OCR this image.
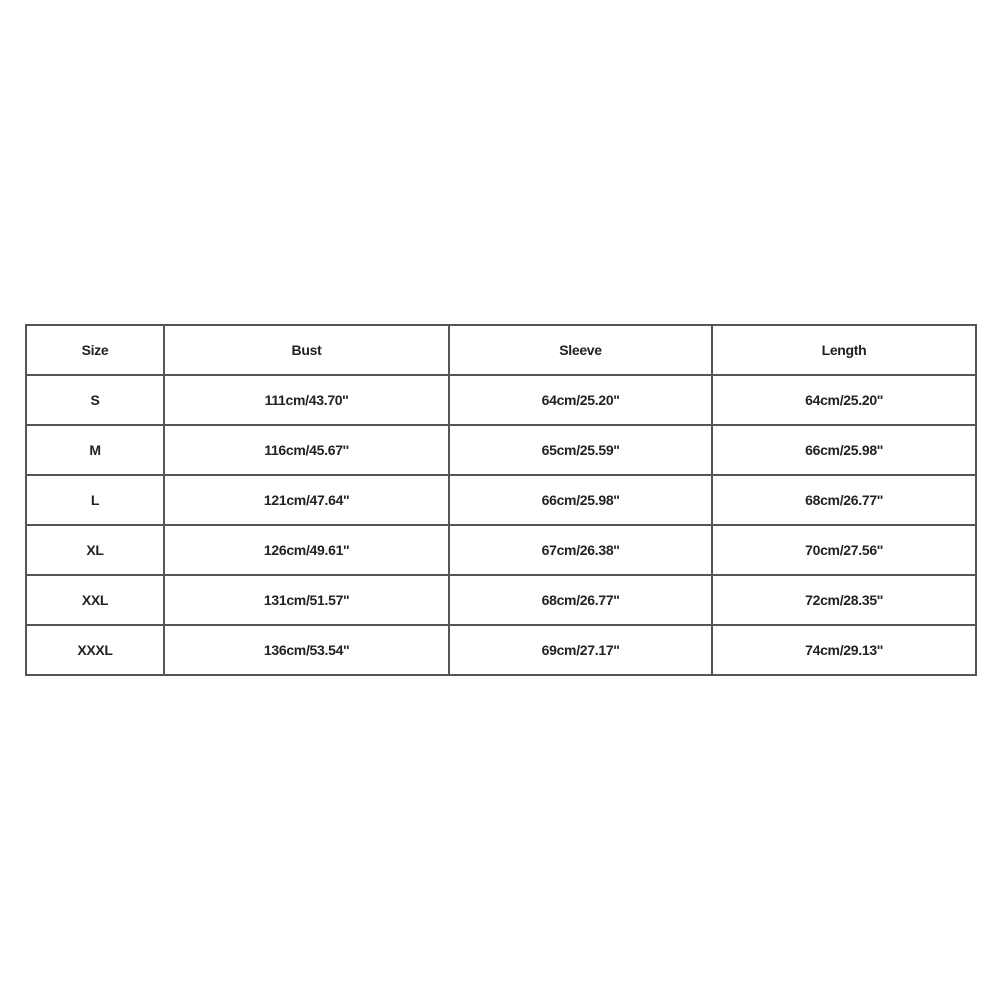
Size	Bust	Sleeve	Length
S	111cm/43.70''	64cm/25.20''	64cm/25.20''
M	116cm/45.67''	65cm/25.59''	66cm/25.98''
L	121cm/47.64''	66cm/25.98''	68cm/26.77''
XL	126cm/49.61''	67cm/26.38''	70cm/27.56''
XXL	131cm/51.57''	68cm/26.77''	72cm/28.35''
XXXL	136cm/53.54''	69cm/27.17''	74cm/29.13''
